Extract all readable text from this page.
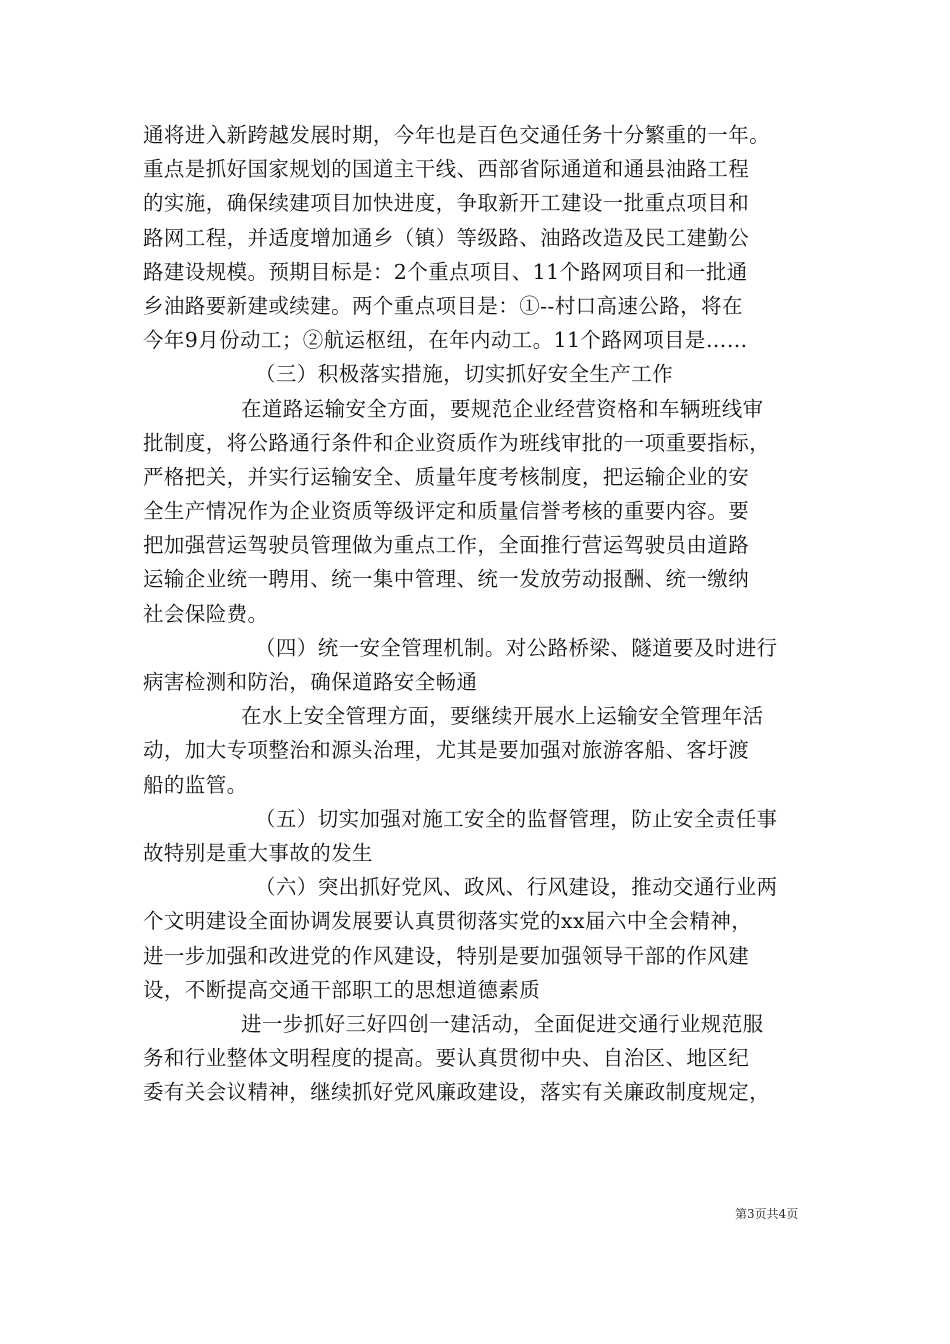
通将进入新跨越发展时期，今年也是百色交通任务十分繁重的一年。
重点是抓好国家规划的国道主干线、西部省际通道和通县油路工程
的实施，确保续建项目加快进度，争取新开工建设一批重点项目和
路网工程，并适度增加通乡（镇）等级路、油路改造及民工建勤公
路建设规模。预期目标是：2个重点项目、11个路网项目和一批通
乡油路要新建或续建。两个重点项目是：①--村口高速公路，将在
今年9月份动工；②航运枢纽，在年内动工。11个路网项目是……
（三）积极落实措施，切实抓好安全生产工作
在道路运输安全方面，要规范企业经营资格和车辆班线审
批制度，将公路通行条件和企业资质作为班线审批的一项重要指标，
严格把关，并实行运输安全、质量年度考核制度，把运输企业的安
全生产情况作为企业资质等级评定和质量信誉考核的重要内容。要
把加强营运驾驶员管理做为重点工作，全面推行营运驾驶员由道路
运输企业统一聘用、统一集中管理、统一发放劳动报酬、统一缴纳
社会保险费。
（四）统一安全管理机制。对公路桥梁、隧道要及时进行
病害检测和防治，确保道路安全畅通
在水上安全管理方面，要继续开展水上运输安全管理年活
动，加大专项整治和源头治理，尤其是要加强对旅游客船、客圩渡
船的监管。
（五）切实加强对施工安全的监督管理，防止安全责任事
故特别是重大事故的发生
（六）突出抓好党风、政风、行风建设，推动交通行业两
个文明建设全面协调发展要认真贯彻落实党的xx届六中全会精神，
进一步加强和改进党的作风建设，特别是要加强领导干部的作风建
设，不断提高交通干部职工的思想道德素质
进一步抓好三好四创一建活动，全面促进交通行业规范服
务和行业整体文明程度的提高。要认真贯彻中央、自治区、地区纪
委有关会议精神，继续抓好党风廉政建设，落实有关廉政制度规定，
第3页共4页
